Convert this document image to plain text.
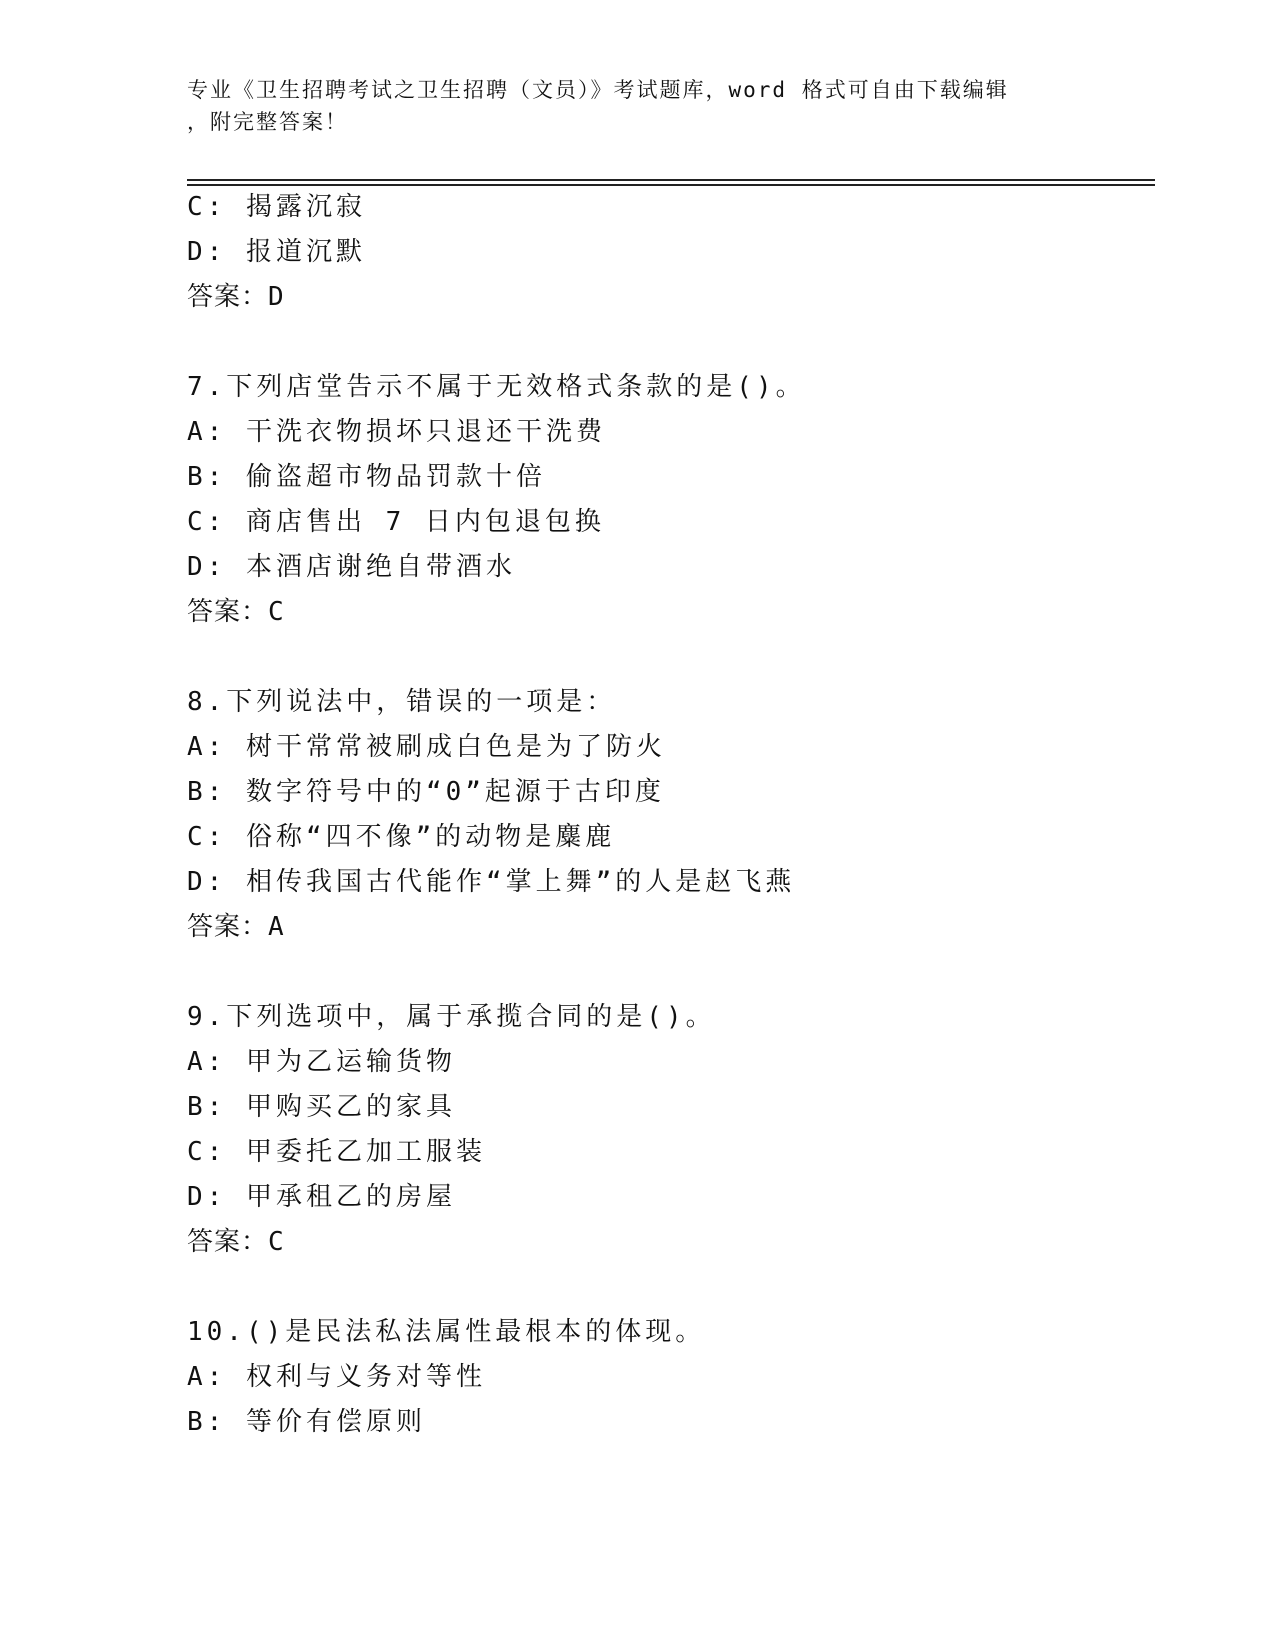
专业《卫生招聘考试之卫生招聘（文员）》考试题库，word 格式可自由下载编辑
，附完整答案！
C: 揭露沉寂
D: 报道沉默
答案：D
7.下列店堂告示不属于无效格式条款的是()。
A: 干洗衣物损坏只退还干洗费
B: 偷盗超市物品罚款十倍
C: 商店售出 7 日内包退包换
D: 本酒店谢绝自带酒水
答案：C
8.下列说法中，错误的一项是：
A: 树干常常被刷成白色是为了防火
B: 数字符号中的“0”起源于古印度
C: 俗称“四不像”的动物是麋鹿
D: 相传我国古代能作“掌上舞”的人是赵飞燕
答案：A
9.下列选项中，属于承揽合同的是()。
A: 甲为乙运输货物
B: 甲购买乙的家具
C: 甲委托乙加工服装
D: 甲承租乙的房屋
答案：C
10.()是民法私法属性最根本的体现。
A: 权利与义务对等性
B: 等价有偿原则
